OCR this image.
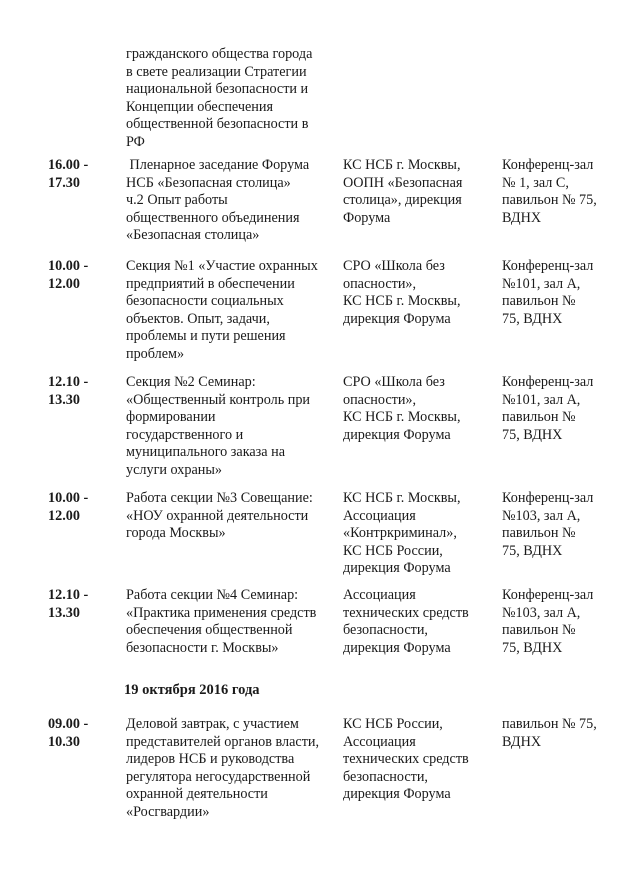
гражданского общества города
в свете реализации Стратегии
национальной безопасности и
Концепции обеспечения
общественной безопасности в
РФ
16.00 -
17.30
Пленарное заседание Форума
НСБ «Безопасная столица»
ч.2 Опыт работы
общественного объединения
«Безопасная столица»
КС НСБ г. Москвы,
ООПН «Безопасная
столица», дирекция
Форума
Конференц-зал
№ 1, зал С,
павильон № 75,
ВДНХ
10.00 -
12.00
Секция №1 «Участие охранных
предприятий в обеспечении
безопасности социальных
объектов. Опыт, задачи,
проблемы и пути решения
проблем»
СРО «Школа без
опасности»,
КС НСБ г. Москвы,
дирекция Форума
Конференц-зал
№101, зал А,
павильон №
75, ВДНХ
12.10 -
13.30
Секция №2 Семинар:
«Общественный контроль при
формировании
государственного и
муниципального заказа на
услуги охраны»
СРО «Школа без
опасности»,
КС НСБ г. Москвы,
дирекция Форума
Конференц-зал
№101, зал А,
павильон №
75, ВДНХ
10.00 -
12.00
Работа секции №3 Совещание:
«НОУ охранной деятельности
города Москвы»
КС НСБ г. Москвы,
Ассоциация
«Контркриминал»,
КС НСБ России,
дирекция Форума
Конференц-зал
№103, зал А,
павильон №
75, ВДНХ
12.10 -
13.30
Работа секции №4 Семинар:
«Практика применения средств
обеспечения общественной
безопасности г. Москвы»
Ассоциация
технических средств
безопасности,
дирекция Форума
Конференц-зал
№103, зал А,
павильон №
75, ВДНХ
19 октября 2016 года
09.00 -
10.30
Деловой завтрак, с участием
представителей органов власти,
лидеров НСБ и руководства
регулятора негосударственной
охранной деятельности
«Росгвардии»
КС НСБ России,
Ассоциация
технических средств
безопасности,
дирекция Форума
павильон № 75,
ВДНХ
